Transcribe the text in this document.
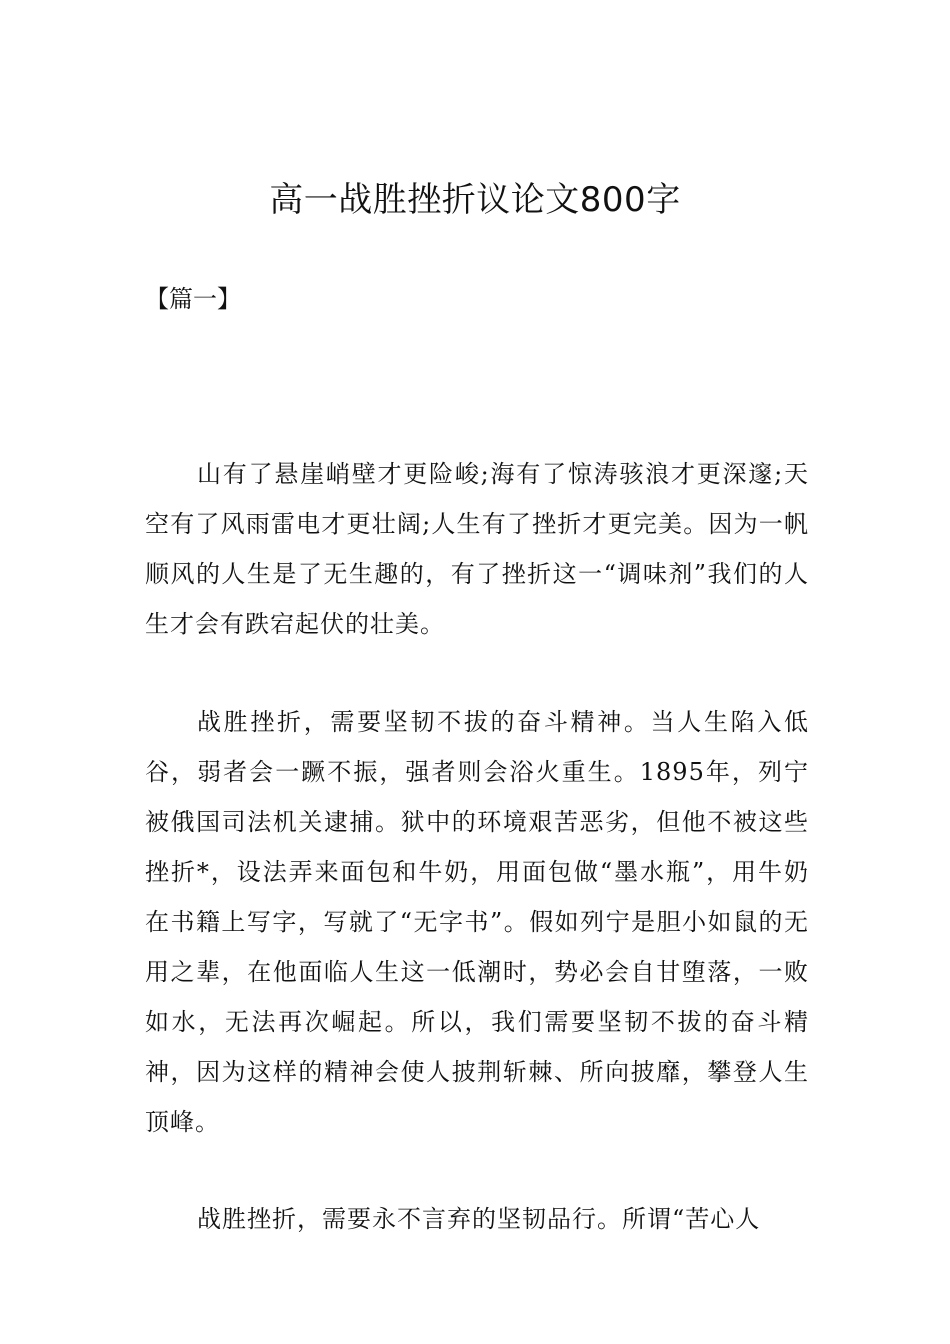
高一战胜挫折议论文800字
【篇一】

山有了悬崖峭壁才更险峻;海有了惊涛骇浪才更深邃;天空有了风雨雷电才更壮阔;人生有了挫折才更完美。因为一帆顺风的人生是了无生趣的，有了挫折这一“调味剂”我们的人生才会有跌宕起伏的壮美。

战胜挫折，需要坚韧不拔的奋斗精神。当人生陷入低谷，弱者会一蹶不振，强者则会浴火重生。1895年，列宁被俄国司法机关逮捕。狱中的环境艰苦恶劣，但他不被这些挫折*，设法弄来面包和牛奶，用面包做“墨水瓶”，用牛奶在书籍上写字，写就了“无字书”。假如列宁是胆小如鼠的无用之辈，在他面临人生这一低潮时，势必会自甘堕落，一败如水，无法再次崛起。所以，我们需要坚韧不拔的奋斗精神，因为这样的精神会使人披荆斩棘、所向披靡，攀登人生顶峰。

战胜挫折，需要永不言弃的坚韧品行。所谓“苦心人
